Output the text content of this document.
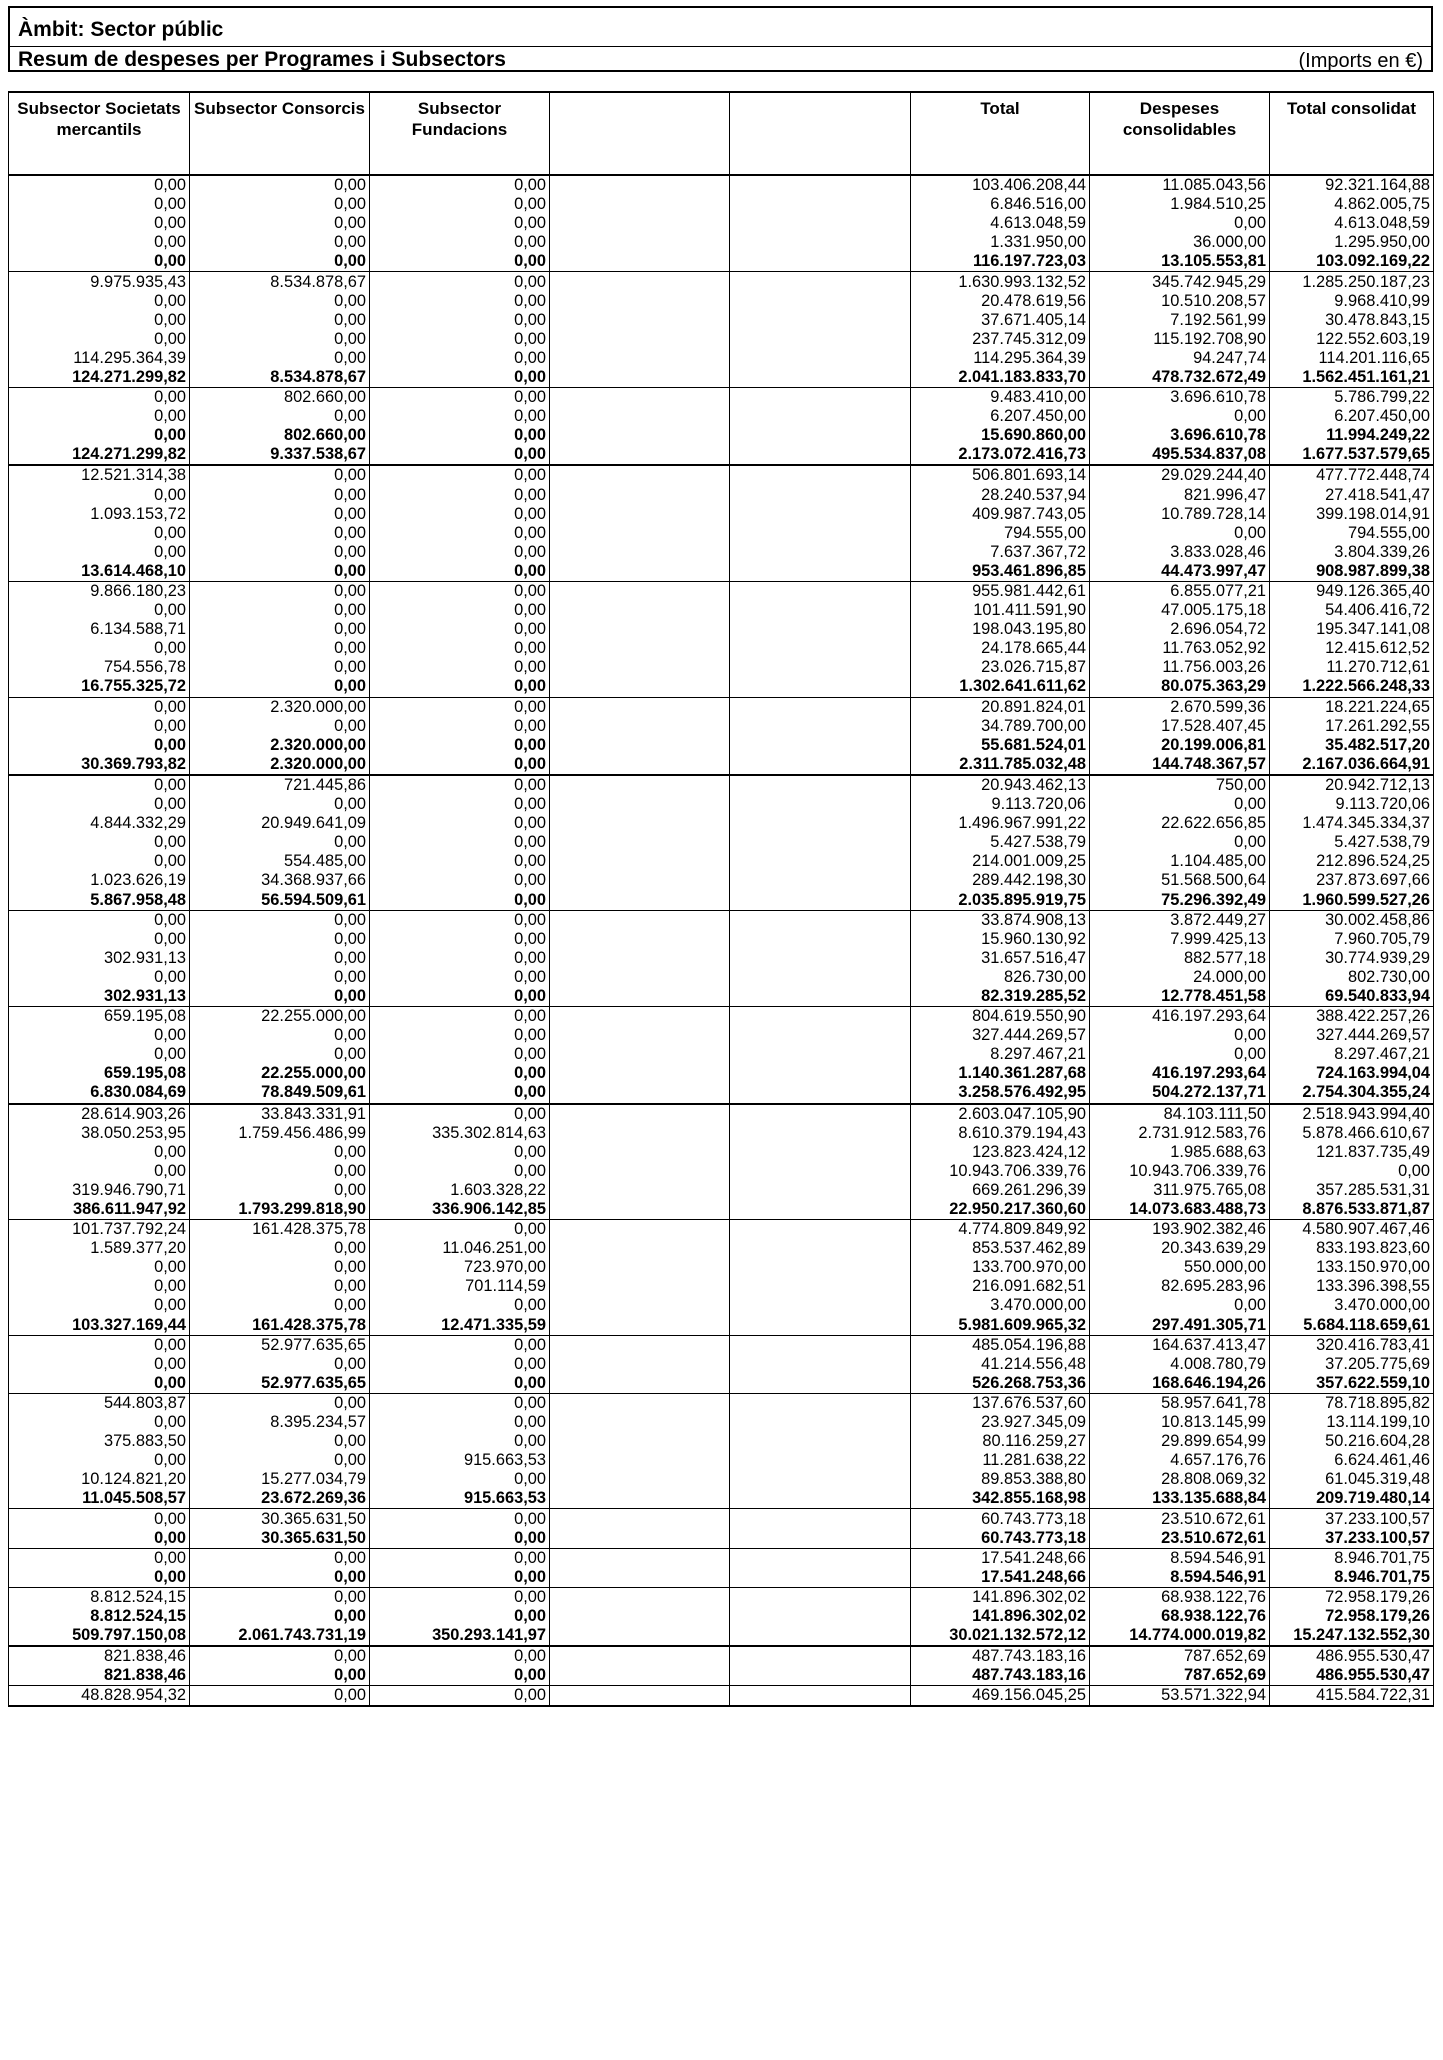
Àmbit: Sector públic
Resum de despeses per Programes i Subsectors	(Imports en €)
Subsector Societats mercantils	Subsector Consorcis	Subsector Fundacions			Total	Despeses consolidables	Total consolidat
0,00	0,00	0,00			103.406.208,44	11.085.043,56	92.321.164,88
0,00	0,00	0,00			6.846.516,00	1.984.510,25	4.862.005,75
0,00	0,00	0,00			4.613.048,59	0,00	4.613.048,59
0,00	0,00	0,00			1.331.950,00	36.000,00	1.295.950,00
0,00	0,00	0,00			116.197.723,03	13.105.553,81	103.092.169,22
9.975.935,43	8.534.878,67	0,00			1.630.993.132,52	345.742.945,29	1.285.250.187,23
0,00	0,00	0,00			20.478.619,56	10.510.208,57	9.968.410,99
0,00	0,00	0,00			37.671.405,14	7.192.561,99	30.478.843,15
0,00	0,00	0,00			237.745.312,09	115.192.708,90	122.552.603,19
114.295.364,39	0,00	0,00			114.295.364,39	94.247,74	114.201.116,65
124.271.299,82	8.534.878,67	0,00			2.041.183.833,70	478.732.672,49	1.562.451.161,21
0,00	802.660,00	0,00			9.483.410,00	3.696.610,78	5.786.799,22
0,00	0,00	0,00			6.207.450,00	0,00	6.207.450,00
0,00	802.660,00	0,00			15.690.860,00	3.696.610,78	11.994.249,22
124.271.299,82	9.337.538,67	0,00			2.173.072.416,73	495.534.837,08	1.677.537.579,65
12.521.314,38	0,00	0,00			506.801.693,14	29.029.244,40	477.772.448,74
0,00	0,00	0,00			28.240.537,94	821.996,47	27.418.541,47
1.093.153,72	0,00	0,00			409.987.743,05	10.789.728,14	399.198.014,91
0,00	0,00	0,00			794.555,00	0,00	794.555,00
0,00	0,00	0,00			7.637.367,72	3.833.028,46	3.804.339,26
13.614.468,10	0,00	0,00			953.461.896,85	44.473.997,47	908.987.899,38
9.866.180,23	0,00	0,00			955.981.442,61	6.855.077,21	949.126.365,40
0,00	0,00	0,00			101.411.591,90	47.005.175,18	54.406.416,72
6.134.588,71	0,00	0,00			198.043.195,80	2.696.054,72	195.347.141,08
0,00	0,00	0,00			24.178.665,44	11.763.052,92	12.415.612,52
754.556,78	0,00	0,00			23.026.715,87	11.756.003,26	11.270.712,61
16.755.325,72	0,00	0,00			1.302.641.611,62	80.075.363,29	1.222.566.248,33
0,00	2.320.000,00	0,00			20.891.824,01	2.670.599,36	18.221.224,65
0,00	0,00	0,00			34.789.700,00	17.528.407,45	17.261.292,55
0,00	2.320.000,00	0,00			55.681.524,01	20.199.006,81	35.482.517,20
30.369.793,82	2.320.000,00	0,00			2.311.785.032,48	144.748.367,57	2.167.036.664,91
0,00	721.445,86	0,00			20.943.462,13	750,00	20.942.712,13
0,00	0,00	0,00			9.113.720,06	0,00	9.113.720,06
4.844.332,29	20.949.641,09	0,00			1.496.967.991,22	22.622.656,85	1.474.345.334,37
0,00	0,00	0,00			5.427.538,79	0,00	5.427.538,79
0,00	554.485,00	0,00			214.001.009,25	1.104.485,00	212.896.524,25
1.023.626,19	34.368.937,66	0,00			289.442.198,30	51.568.500,64	237.873.697,66
5.867.958,48	56.594.509,61	0,00			2.035.895.919,75	75.296.392,49	1.960.599.527,26
0,00	0,00	0,00			33.874.908,13	3.872.449,27	30.002.458,86
0,00	0,00	0,00			15.960.130,92	7.999.425,13	7.960.705,79
302.931,13	0,00	0,00			31.657.516,47	882.577,18	30.774.939,29
0,00	0,00	0,00			826.730,00	24.000,00	802.730,00
302.931,13	0,00	0,00			82.319.285,52	12.778.451,58	69.540.833,94
659.195,08	22.255.000,00	0,00			804.619.550,90	416.197.293,64	388.422.257,26
0,00	0,00	0,00			327.444.269,57	0,00	327.444.269,57
0,00	0,00	0,00			8.297.467,21	0,00	8.297.467,21
659.195,08	22.255.000,00	0,00			1.140.361.287,68	416.197.293,64	724.163.994,04
6.830.084,69	78.849.509,61	0,00			3.258.576.492,95	504.272.137,71	2.754.304.355,24
28.614.903,26	33.843.331,91	0,00			2.603.047.105,90	84.103.111,50	2.518.943.994,40
38.050.253,95	1.759.456.486,99	335.302.814,63			8.610.379.194,43	2.731.912.583,76	5.878.466.610,67
0,00	0,00	0,00			123.823.424,12	1.985.688,63	121.837.735,49
0,00	0,00	0,00			10.943.706.339,76	10.943.706.339,76	0,00
319.946.790,71	0,00	1.603.328,22			669.261.296,39	311.975.765,08	357.285.531,31
386.611.947,92	1.793.299.818,90	336.906.142,85			22.950.217.360,60	14.073.683.488,73	8.876.533.871,87
101.737.792,24	161.428.375,78	0,00			4.774.809.849,92	193.902.382,46	4.580.907.467,46
1.589.377,20	0,00	11.046.251,00			853.537.462,89	20.343.639,29	833.193.823,60
0,00	0,00	723.970,00			133.700.970,00	550.000,00	133.150.970,00
0,00	0,00	701.114,59			216.091.682,51	82.695.283,96	133.396.398,55
0,00	0,00	0,00			3.470.000,00	0,00	3.470.000,00
103.327.169,44	161.428.375,78	12.471.335,59			5.981.609.965,32	297.491.305,71	5.684.118.659,61
0,00	52.977.635,65	0,00			485.054.196,88	164.637.413,47	320.416.783,41
0,00	0,00	0,00			41.214.556,48	4.008.780,79	37.205.775,69
0,00	52.977.635,65	0,00			526.268.753,36	168.646.194,26	357.622.559,10
544.803,87	0,00	0,00			137.676.537,60	58.957.641,78	78.718.895,82
0,00	8.395.234,57	0,00			23.927.345,09	10.813.145,99	13.114.199,10
375.883,50	0,00	0,00			80.116.259,27	29.899.654,99	50.216.604,28
0,00	0,00	915.663,53			11.281.638,22	4.657.176,76	6.624.461,46
10.124.821,20	15.277.034,79	0,00			89.853.388,80	28.808.069,32	61.045.319,48
11.045.508,57	23.672.269,36	915.663,53			342.855.168,98	133.135.688,84	209.719.480,14
0,00	30.365.631,50	0,00			60.743.773,18	23.510.672,61	37.233.100,57
0,00	30.365.631,50	0,00			60.743.773,18	23.510.672,61	37.233.100,57
0,00	0,00	0,00			17.541.248,66	8.594.546,91	8.946.701,75
0,00	0,00	0,00			17.541.248,66	8.594.546,91	8.946.701,75
8.812.524,15	0,00	0,00			141.896.302,02	68.938.122,76	72.958.179,26
8.812.524,15	0,00	0,00			141.896.302,02	68.938.122,76	72.958.179,26
509.797.150,08	2.061.743.731,19	350.293.141,97			30.021.132.572,12	14.774.000.019,82	15.247.132.552,30
821.838,46	0,00	0,00			487.743.183,16	787.652,69	486.955.530,47
821.838,46	0,00	0,00			487.743.183,16	787.652,69	486.955.530,47
48.828.954,32	0,00	0,00			469.156.045,25	53.571.322,94	415.584.722,31
